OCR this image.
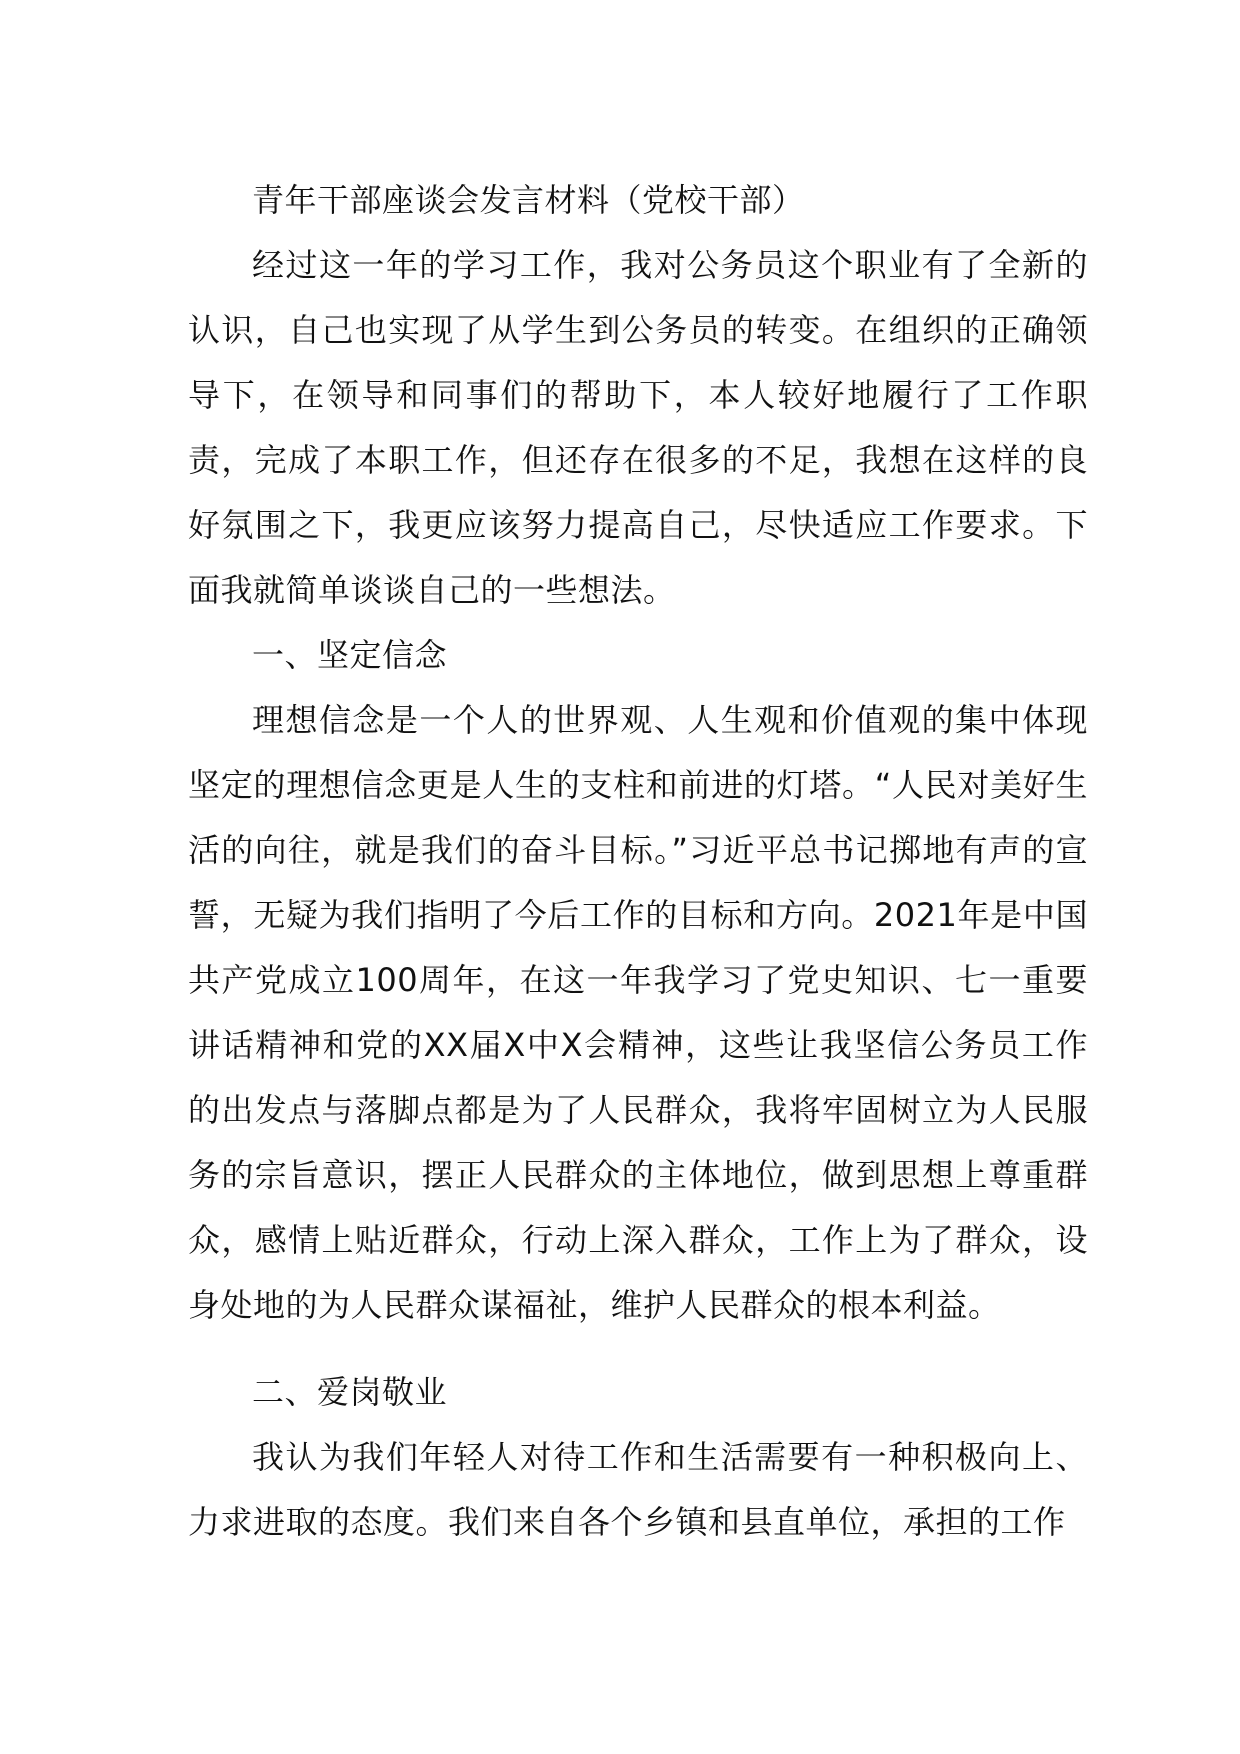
青年干部座谈会发言材料（党校干部）

经过这一年的学习工作，我对公务员这个职业有了全新的认识，自己也实现了从学生到公务员的转变。在组织的正确领导下，在领导和同事们的帮助下，本人较好地履行了工作职责，完成了本职工作，但还存在很多的不足，我想在这样的良好氛围之下，我更应该努力提高自己，尽快适应工作要求。下面我就简单谈谈自己的一些想法。

一、坚定信念

理想信念是一个人的世界观、人生观和价值观的集中体现坚定的理想信念更是人生的支柱和前进的灯塔。“人民对美好生活的向往，就是我们的奋斗目标。”习近平总书记掷地有声的宣誓，无疑为我们指明了今后工作的目标和方向。2021年是中国共产党成立100周年，在这一年我学习了党史知识、七一重要讲话精神和党的XX届X中X会精神，这些让我坚信公务员工作的出发点与落脚点都是为了人民群众，我将牢固树立为人民服务的宗旨意识，摆正人民群众的主体地位，做到思想上尊重群众，感情上贴近群众，行动上深入群众，工作上为了群众，设身处地的为人民群众谋福祉，维护人民群众的根本利益。

二、爱岗敬业

我认为我们年轻人对待工作和生活需要有一种积极向上、力求进取的态度。我们来自各个乡镇和县直单位，承担的工作
